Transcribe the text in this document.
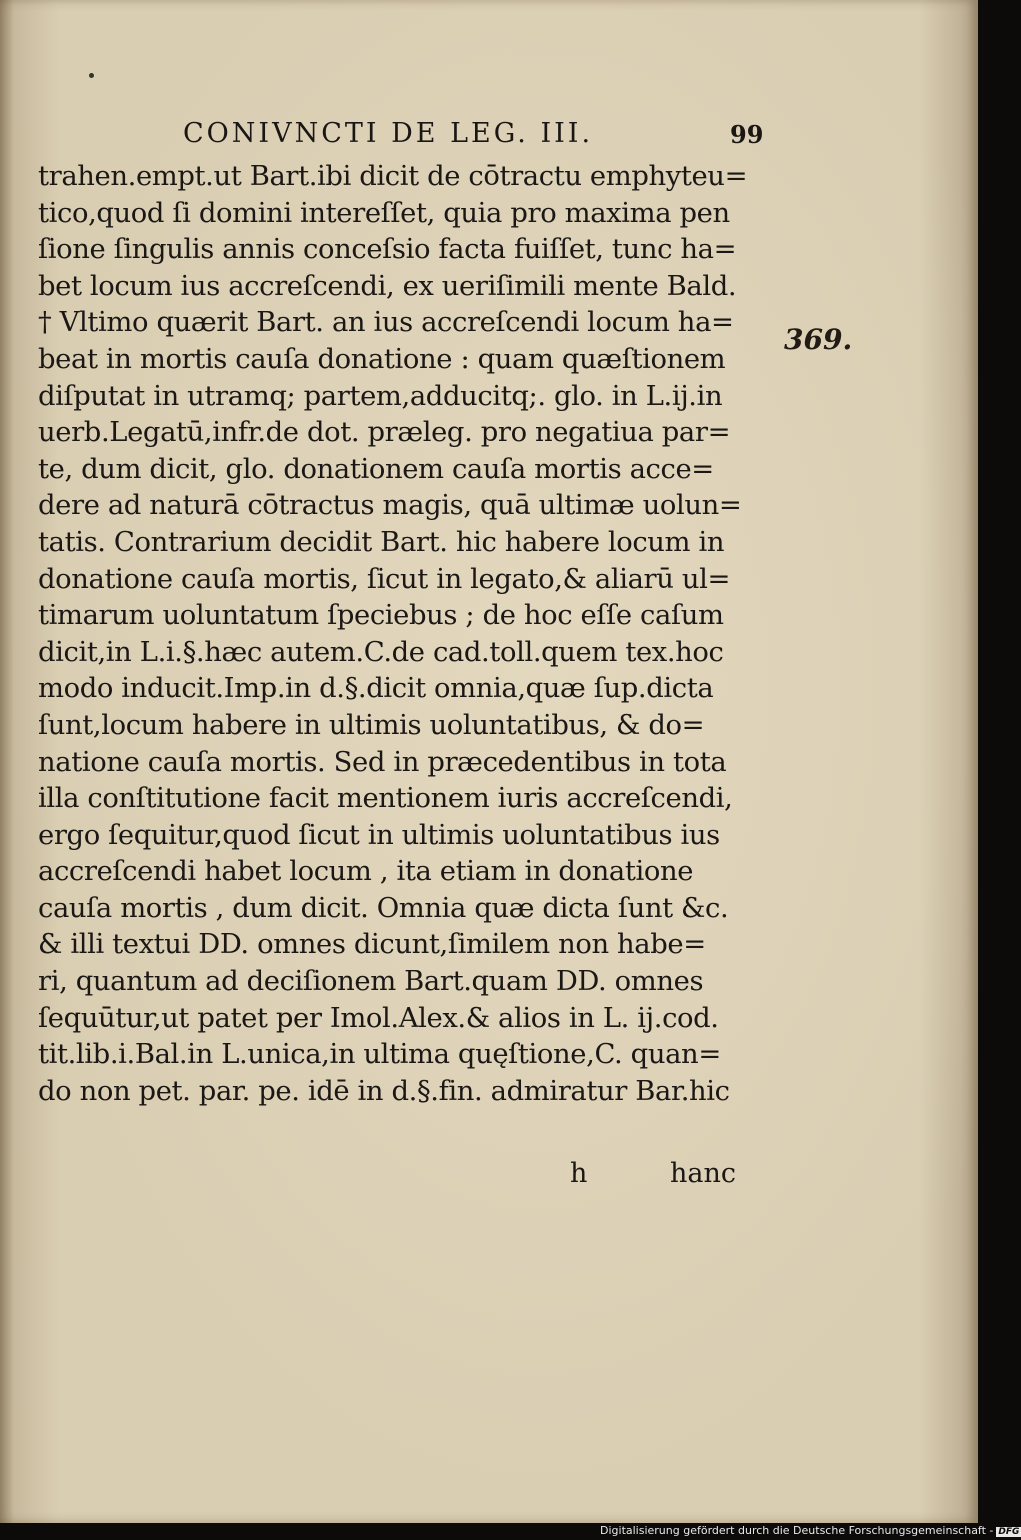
CONIVNCTI DE LEG. III.	99
trahen.empt.ut Bart.ibi dicit de cōtractu emphyteu=
tico,quod ſi domini intereſſet, quia pro maxima pen
ſione ſingulis annis conceſsio facta fuiſſet, tunc ha=
bet locum ius accreſcendi, ex ueriſimili mente Bald.
† Vltimo quærit Bart. an ius accreſcendi locum ha=
beat in mortis cauſa donatione : quam quæſtionem
diſputat in utramq; partem,adducitq;. glo. in L.ij.in
uerb.Legatū,infr.de dot. præleg. pro negatiua par=
te, dum dicit, glo. donationem cauſa mortis acce=
dere ad naturā cōtractus magis, quā ultimæ uolun=
tatis. Contrarium decidit Bart. hic habere locum in
donatione cauſa mortis, ſicut in legato,& aliarū ul=
timarum uoluntatum ſpeciebus ; de hoc eſſe caſum
dicit,in L.i.§.hæc autem.C.de cad.toll.quem tex.hoc
modo inducit.Imp.in d.§.dicit omnia,quæ ſup.dicta
ſunt,locum habere in ultimis uoluntatibus, & do=
natione cauſa mortis. Sed in præcedentibus in tota
illa conſtitutione facit mentionem iuris accreſcendi,
ergo ſequitur,quod ſicut in ultimis uoluntatibus ius
accreſcendi habet locum , ita etiam in donatione
cauſa mortis , dum dicit. Omnia quæ dicta ſunt &c.
& illi textui DD. omnes dicunt,ſimilem non habe=
ri, quantum ad deciſionem Bart.quam DD. omnes
ſequūtur,ut patet per Imol.Alex.& alios in L. ij.cod.
tit.lib.i.Bal.in L.unica,in ultima quęſtione,C. quan=
do non pet. par. pe. idē in d.§.fin. admiratur Bar.hic
369.
h	hanc
Digitalisierung gefördert durch die Deutsche Forschungsgemeinschaft - DFG
